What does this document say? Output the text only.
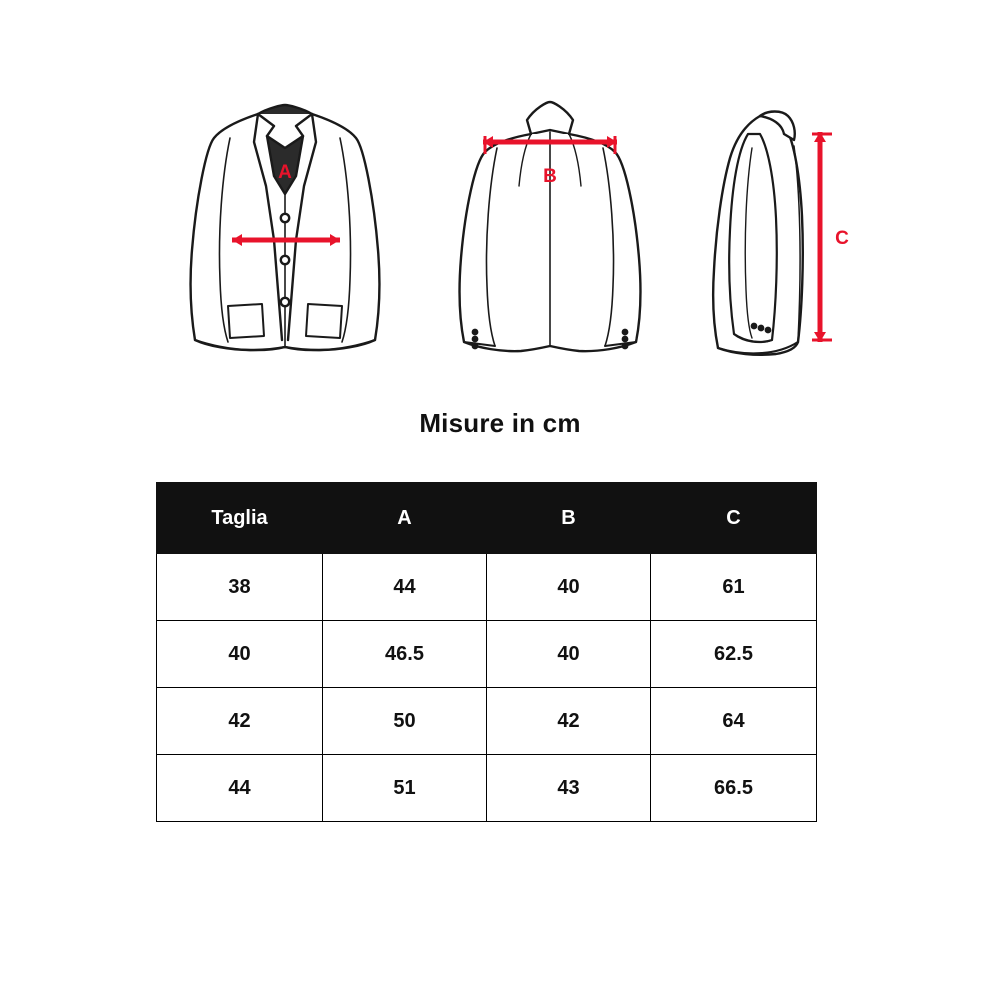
A	B
C
Misure in cm
Taglia	A	B	C
38	44	40	61
40	46.5	40	62.5
42	50	42	64
44	51	43	66.5
